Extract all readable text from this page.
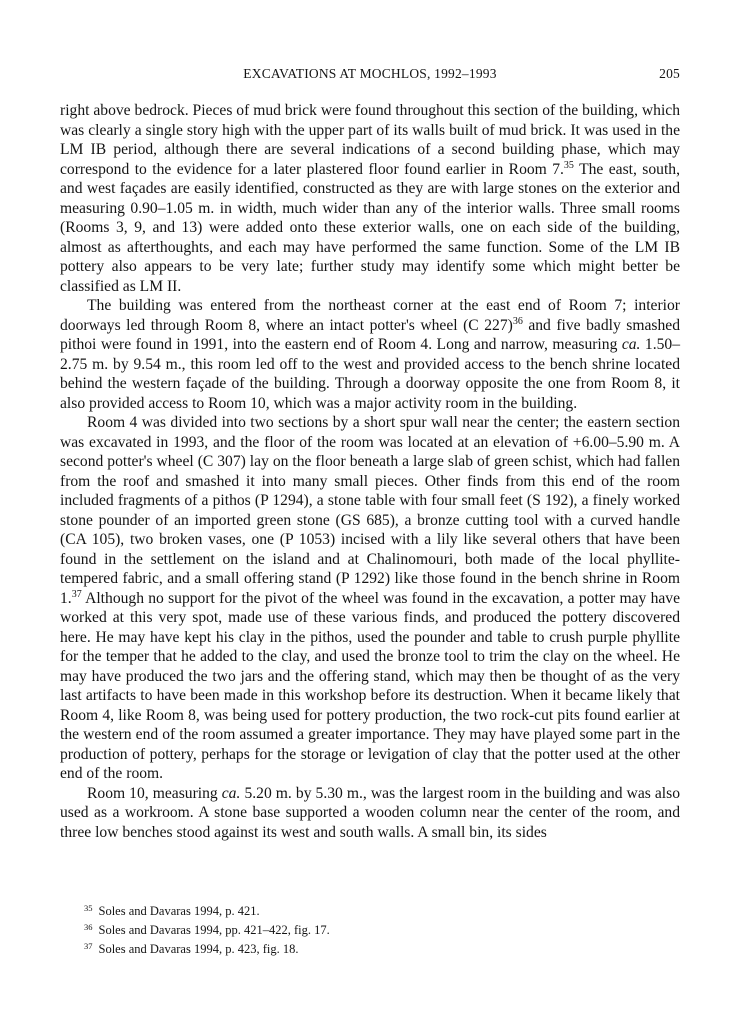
EXCAVATIONS AT MOCHLOS, 1992–1993	205

right above bedrock. Pieces of mud brick were found throughout this section of the building, which was clearly a single story high with the upper part of its walls built of mud brick. It was used in the LM IB period, although there are several indications of a second building phase, which may correspond to the evidence for a later plastered floor found earlier in Room 7.35 The east, south, and west façades are easily identified, constructed as they are with large stones on the exterior and measuring 0.90–1.05 m. in width, much wider than any of the interior walls. Three small rooms (Rooms 3, 9, and 13) were added onto these exterior walls, one on each side of the building, almost as afterthoughts, and each may have performed the same function. Some of the LM IB pottery also appears to be very late; further study may identify some which might better be classified as LM II.

The building was entered from the northeast corner at the east end of Room 7; interior doorways led through Room 8, where an intact potter's wheel (C 227)$^{36}$ and five badly smashed pithoi were found in 1991, into the eastern end of Room 4. Long and narrow, measuring ca. 1.50–2.75 m. by 9.54 m., this room led off to the west and provided access to the bench shrine located behind the western façade of the building. Through a doorway opposite the one from Room 8, it also provided access to Room 10, which was a major activity room in the building.

Room 4 was divided into two sections by a short spur wall near the center; the eastern section was excavated in 1993, and the floor of the room was located at an elevation of +6.00–5.90 m. A second potter's wheel (C 307) lay on the floor beneath a large slab of green schist, which had fallen from the roof and smashed it into many small pieces. Other finds from this end of the room included fragments of a pithos (P 1294), a stone table with four small feet (S 192), a finely worked stone pounder of an imported green stone (GS 685), a bronze cutting tool with a curved handle (CA 105), two broken vases, one (P 1053) incised with a lily like several others that have been found in the settlement on the island and at Chalinomouri, both made of the local phyllite-tempered fabric, and a small offering stand (P 1292) like those found in the bench shrine in Room 1.37 Although no support for the pivot of the wheel was found in the excavation, a potter may have worked at this very spot, made use of these various finds, and produced the pottery discovered here. He may have kept his clay in the pithos, used the pounder and table to crush purple phyllite for the temper that he added to the clay, and used the bronze tool to trim the clay on the wheel. He may have produced the two jars and the offering stand, which may then be thought of as the very last artifacts to have been made in this workshop before its destruction. When it became likely that Room 4, like Room 8, was being used for pottery production, the two rock-cut pits found earlier at the western end of the room assumed a greater importance. They may have played some part in the production of pottery, perhaps for the storage or levigation of clay that the potter used at the other end of the room.

Room 10, measuring ca. 5.20 m. by 5.30 m., was the largest room in the building and was also used as a workroom. A stone base supported a wooden column near the center of the room, and three low benches stood against its west and south walls. A small bin, its sides

$^{35}$ Soles and Davaras 1994, p. 421.
$^{36}$ Soles and Davaras 1994, pp. 421–422, fig. 17.
$^{37}$ Soles and Davaras 1994, p. 423, fig. 18.
